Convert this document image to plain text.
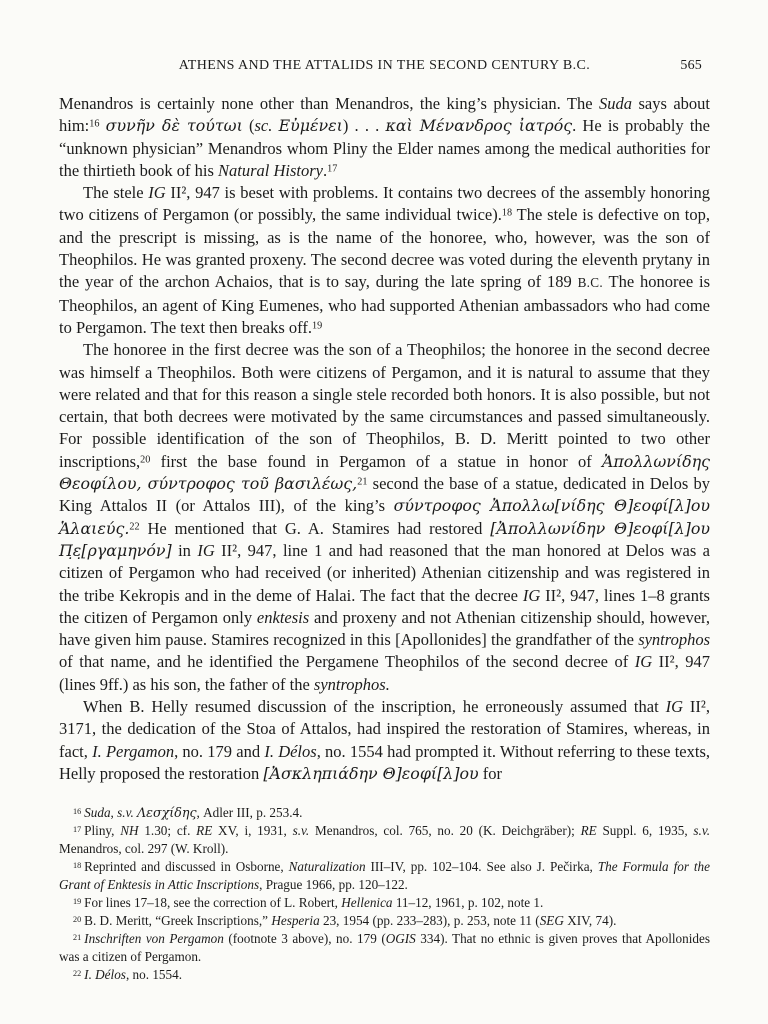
ATHENS AND THE ATTALIDS IN THE SECOND CENTURY B.C.	565

Menandros is certainly none other than Menandros, the king’s physician. The Suda says about him:$^{16}$ συνῆν δὲ τούτωι (sc. Εὐμένει) . . . καὶ Μένανδρος ἰατρός. He is probably the “unknown physician” Menandros whom Pliny the Elder names among the medical authorities for the thirtieth book of his Natural History.$^{17}$

The stele IG II², 947 is beset with problems. It contains two decrees of the assembly honoring two citizens of Pergamon (or possibly, the same individual twice).$^{18}$ The stele is defective on top, and the prescript is missing, as is the name of the honoree, who, however, was the son of Theophilos. He was granted proxeny. The second decree was voted during the eleventh prytany in the year of the archon Achaios, that is to say, during the late spring of 189 B.C. The honoree is Theophilos, an agent of King Eumenes, who had supported Athenian ambassadors who had come to Pergamon. The text then breaks off.$^{19}$

The honoree in the first decree was the son of a Theophilos; the honoree in the second decree was himself a Theophilos. Both were citizens of Pergamon, and it is natural to assume that they were related and that for this reason a single stele recorded both honors. It is also possible, but not certain, that both decrees were motivated by the same circumstances and passed simultaneously. For possible identification of the son of Theophilos, B. D. Meritt pointed to two other inscriptions,$^{20}$ first the base found in Pergamon of a statue in honor of Ἀπολλωνίδης Θεοφίλου, σύντροφος τοῦ βασιλέως,$^{21}$ second the base of a statue, dedicated in Delos by King Attalos II (or Attalos III), of the king’s σύντροφος Ἀπολλω[νίδης Θ]εοφί[λ]ου Ἁλαιεύς.$^{22}$ He mentioned that G. A. Stamires had restored [Ἀπολλωνίδην Θ]εοφί[λ]ου Π̣ε̣[ργαμηνόν] in IG II², 947, line 1 and had reasoned that the man honored at Delos was a citizen of Pergamon who had received (or inherited) Athenian citizenship and was registered in the tribe Kekropis and in the deme of Halai. The fact that the decree IG II², 947, lines 1–8 grants the citizen of Pergamon only enktesis and proxeny and not Athenian citizenship should, however, have given him pause. Stamires recognized in this [Apollonides] the grandfather of the syntrophos of that name, and he identified the Pergamene Theophilos of the second decree of IG II², 947 (lines 9ff.) as his son, the father of the syntrophos.

When B. Helly resumed discussion of the inscription, he erroneously assumed that IG II², 3171, the dedication of the Stoa of Attalos, had inspired the restoration of Stamires, whereas, in fact, I. Pergamon, no. 179 and I. Délos, no. 1554 had prompted it. Without referring to these texts, Helly proposed the restoration [Ἀσκληπιάδην Θ]εοφί[λ]ου for

$^{16}$ Suda, s.v. Λεσχίδης, Adler III, p. 253.4.

$^{17}$ Pliny, NH 1.30; cf. RE XV, i, 1931, s.v. Menandros, col. 765, no. 20 (K. Deichgräber); RE Suppl. 6, 1935, s.v. Menandros, col. 297 (W. Kroll).

$^{18}$ Reprinted and discussed in Osborne, Naturalization III–IV, pp. 102–104. See also J. Pečirka, The Formula for the Grant of Enktesis in Attic Inscriptions, Prague 1966, pp. 120–122.

$^{19}$ For lines 17–18, see the correction of L. Robert, Hellenica 11–12, 1961, p. 102, note 1.

$^{20}$ B. D. Meritt, “Greek Inscriptions,” Hesperia 23, 1954 (pp. 233–283), p. 253, note 11 (SEG XIV, 74).

$^{21}$ Inschriften von Pergamon (footnote 3 above), no. 179 (OGIS 334). That no ethnic is given proves that Apollonides was a citizen of Pergamon.

$^{22}$ I. Délos, no. 1554.
